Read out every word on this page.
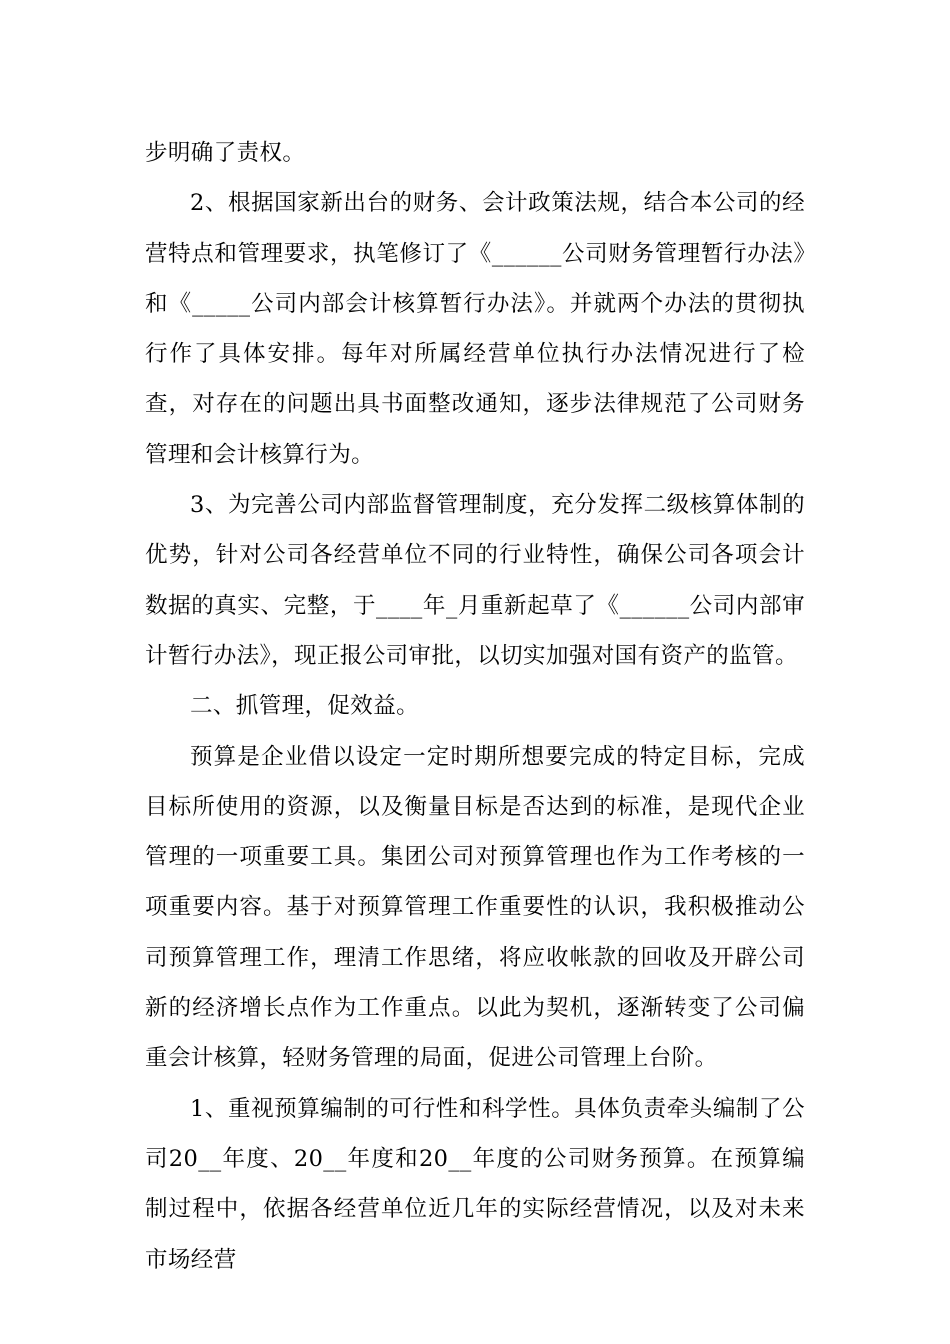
步明确了责权。

2、根据国家新出台的财务、会计政策法规，结合本公司的经营特点和管理要求，执笔修订了《______公司财务管理暂行办法》和《_____公司内部会计核算暂行办法》。并就两个办法的贯彻执行作了具体安排。每年对所属经营单位执行办法情况进行了检查，对存在的问题出具书面整改通知，逐步法律规范了公司财务管理和会计核算行为。

3、为完善公司内部监督管理制度，充分发挥二级核算体制的优势，针对公司各经营单位不同的行业特性，确保公司各项会计数据的真实、完整，于____年_月重新起草了《______公司内部审计暂行办法》，现正报公司审批，以切实加强对国有资产的监管。

二、抓管理，促效益。

预算是企业借以设定一定时期所想要完成的特定目标，完成目标所使用的资源，以及衡量目标是否达到的标准，是现代企业管理的一项重要工具。集团公司对预算管理也作为工作考核的一项重要内容。基于对预算管理工作重要性的认识，我积极推动公司预算管理工作，理清工作思绪，将应收帐款的回收及开辟公司新的经济增长点作为工作重点。以此为契机，逐渐转变了公司偏重会计核算，轻财务管理的局面，促进公司管理上台阶。

1、重视预算编制的可行性和科学性。具体负责牵头编制了公司20__年度、20__年度和20__年度的公司财务预算。在预算编制过程中，依据各经营单位近几年的实际经营情况，以及对未来市场经营
